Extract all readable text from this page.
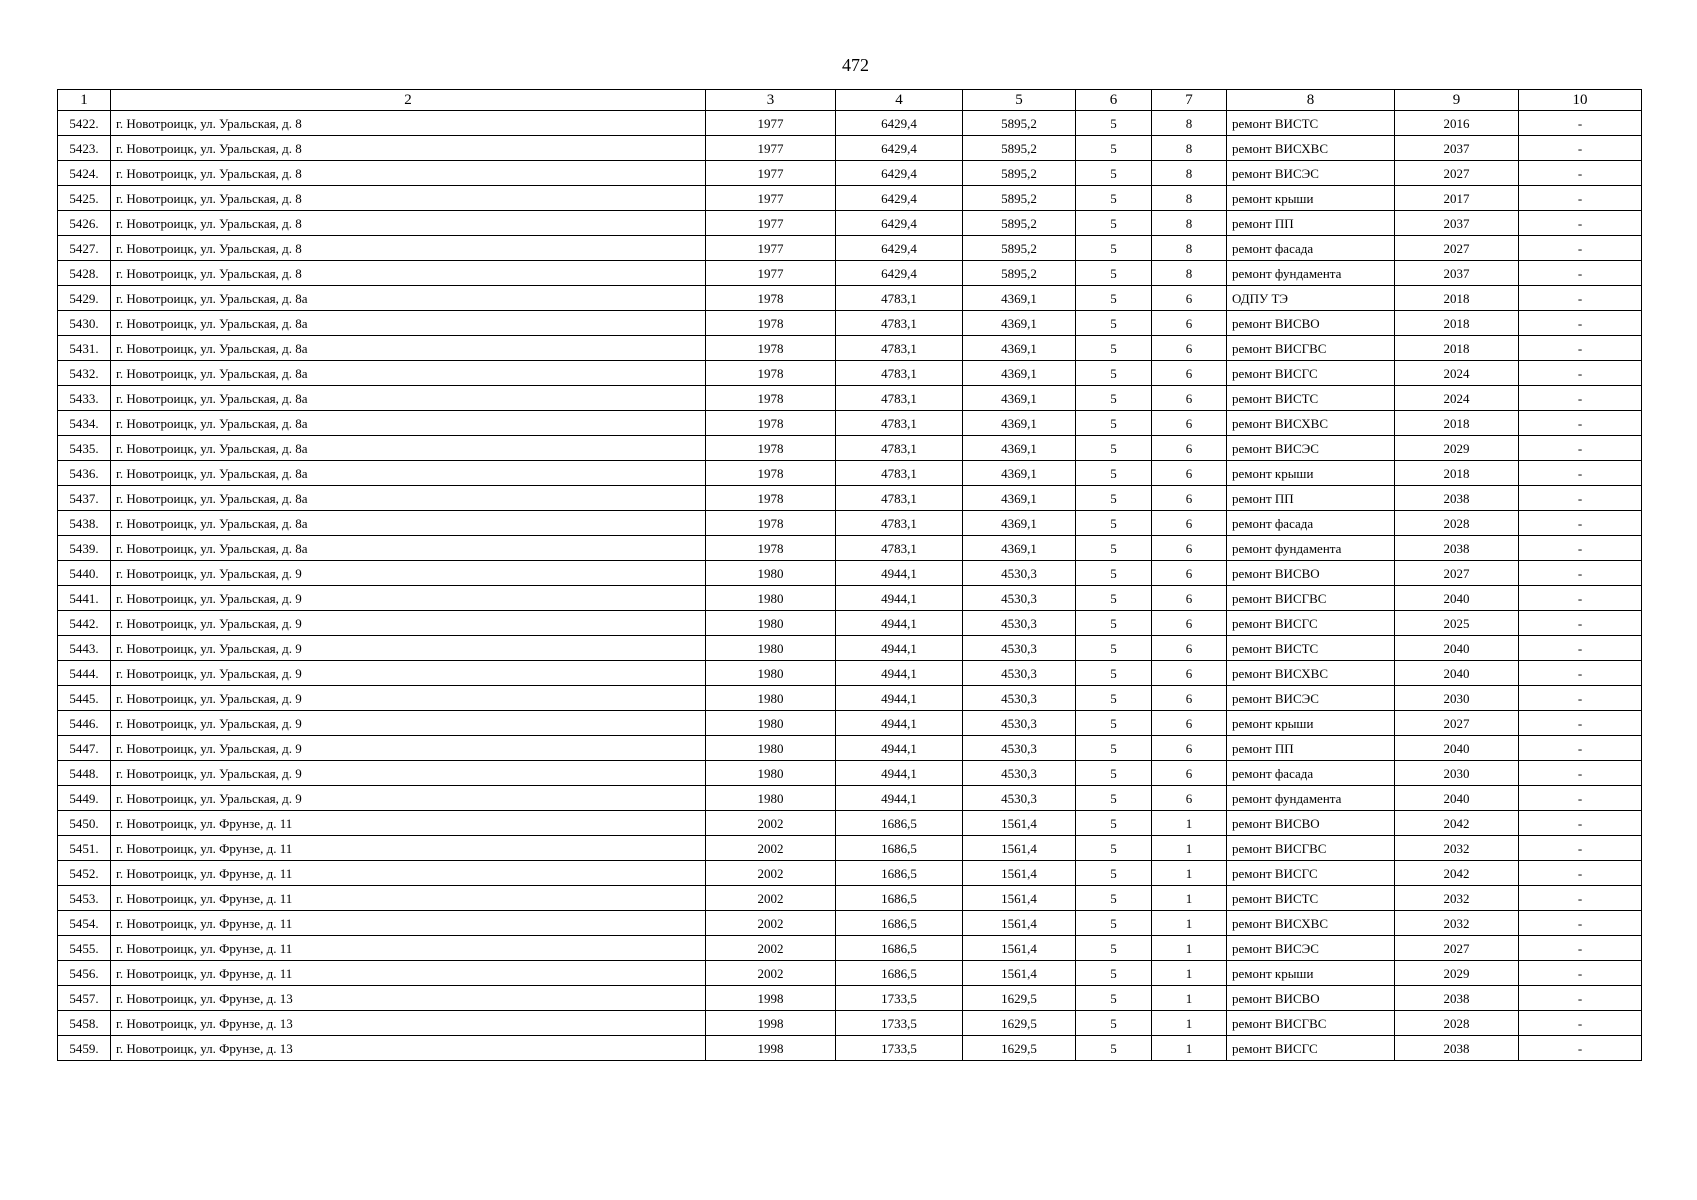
472
1	2	3	4	5	6	7	8	9	10
5422.	г. Новотроицк, ул. Уральская, д. 8	1977	6429,4	5895,2	5	8	ремонт ВИСТС	2016	-
5423.	г. Новотроицк, ул. Уральская, д. 8	1977	6429,4	5895,2	5	8	ремонт ВИСХВС	2037	-
5424.	г. Новотроицк, ул. Уральская, д. 8	1977	6429,4	5895,2	5	8	ремонт ВИСЭС	2027	-
5425.	г. Новотроицк, ул. Уральская, д. 8	1977	6429,4	5895,2	5	8	ремонт крыши	2017	-
5426.	г. Новотроицк, ул. Уральская, д. 8	1977	6429,4	5895,2	5	8	ремонт ПП	2037	-
5427.	г. Новотроицк, ул. Уральская, д. 8	1977	6429,4	5895,2	5	8	ремонт фасада	2027	-
5428.	г. Новотроицк, ул. Уральская, д. 8	1977	6429,4	5895,2	5	8	ремонт фундамента	2037	-
5429.	г. Новотроицк, ул. Уральская, д. 8а	1978	4783,1	4369,1	5	6	ОДПУ ТЭ	2018	-
5430.	г. Новотроицк, ул. Уральская, д. 8а	1978	4783,1	4369,1	5	6	ремонт ВИСВО	2018	-
5431.	г. Новотроицк, ул. Уральская, д. 8а	1978	4783,1	4369,1	5	6	ремонт ВИСГВС	2018	-
5432.	г. Новотроицк, ул. Уральская, д. 8а	1978	4783,1	4369,1	5	6	ремонт ВИСГС	2024	-
5433.	г. Новотроицк, ул. Уральская, д. 8а	1978	4783,1	4369,1	5	6	ремонт ВИСТС	2024	-
5434.	г. Новотроицк, ул. Уральская, д. 8а	1978	4783,1	4369,1	5	6	ремонт ВИСХВС	2018	-
5435.	г. Новотроицк, ул. Уральская, д. 8а	1978	4783,1	4369,1	5	6	ремонт ВИСЭС	2029	-
5436.	г. Новотроицк, ул. Уральская, д. 8а	1978	4783,1	4369,1	5	6	ремонт крыши	2018	-
5437.	г. Новотроицк, ул. Уральская, д. 8а	1978	4783,1	4369,1	5	6	ремонт ПП	2038	-
5438.	г. Новотроицк, ул. Уральская, д. 8а	1978	4783,1	4369,1	5	6	ремонт фасада	2028	-
5439.	г. Новотроицк, ул. Уральская, д. 8а	1978	4783,1	4369,1	5	6	ремонт фундамента	2038	-
5440.	г. Новотроицк, ул. Уральская, д. 9	1980	4944,1	4530,3	5	6	ремонт ВИСВО	2027	-
5441.	г. Новотроицк, ул. Уральская, д. 9	1980	4944,1	4530,3	5	6	ремонт ВИСГВС	2040	-
5442.	г. Новотроицк, ул. Уральская, д. 9	1980	4944,1	4530,3	5	6	ремонт ВИСГС	2025	-
5443.	г. Новотроицк, ул. Уральская, д. 9	1980	4944,1	4530,3	5	6	ремонт ВИСТС	2040	-
5444.	г. Новотроицк, ул. Уральская, д. 9	1980	4944,1	4530,3	5	6	ремонт ВИСХВС	2040	-
5445.	г. Новотроицк, ул. Уральская, д. 9	1980	4944,1	4530,3	5	6	ремонт ВИСЭС	2030	-
5446.	г. Новотроицк, ул. Уральская, д. 9	1980	4944,1	4530,3	5	6	ремонт крыши	2027	-
5447.	г. Новотроицк, ул. Уральская, д. 9	1980	4944,1	4530,3	5	6	ремонт ПП	2040	-
5448.	г. Новотроицк, ул. Уральская, д. 9	1980	4944,1	4530,3	5	6	ремонт фасада	2030	-
5449.	г. Новотроицк, ул. Уральская, д. 9	1980	4944,1	4530,3	5	6	ремонт фундамента	2040	-
5450.	г. Новотроицк, ул. Фрунзе, д. 11	2002	1686,5	1561,4	5	1	ремонт ВИСВО	2042	-
5451.	г. Новотроицк, ул. Фрунзе, д. 11	2002	1686,5	1561,4	5	1	ремонт ВИСГВС	2032	-
5452.	г. Новотроицк, ул. Фрунзе, д. 11	2002	1686,5	1561,4	5	1	ремонт ВИСГС	2042	-
5453.	г. Новотроицк, ул. Фрунзе, д. 11	2002	1686,5	1561,4	5	1	ремонт ВИСТС	2032	-
5454.	г. Новотроицк, ул. Фрунзе, д. 11	2002	1686,5	1561,4	5	1	ремонт ВИСХВС	2032	-
5455.	г. Новотроицк, ул. Фрунзе, д. 11	2002	1686,5	1561,4	5	1	ремонт ВИСЭС	2027	-
5456.	г. Новотроицк, ул. Фрунзе, д. 11	2002	1686,5	1561,4	5	1	ремонт крыши	2029	-
5457.	г. Новотроицк, ул. Фрунзе, д. 13	1998	1733,5	1629,5	5	1	ремонт ВИСВО	2038	-
5458.	г. Новотроицк, ул. Фрунзе, д. 13	1998	1733,5	1629,5	5	1	ремонт ВИСГВС	2028	-
5459.	г. Новотроицк, ул. Фрунзе, д. 13	1998	1733,5	1629,5	5	1	ремонт ВИСГС	2038	-
